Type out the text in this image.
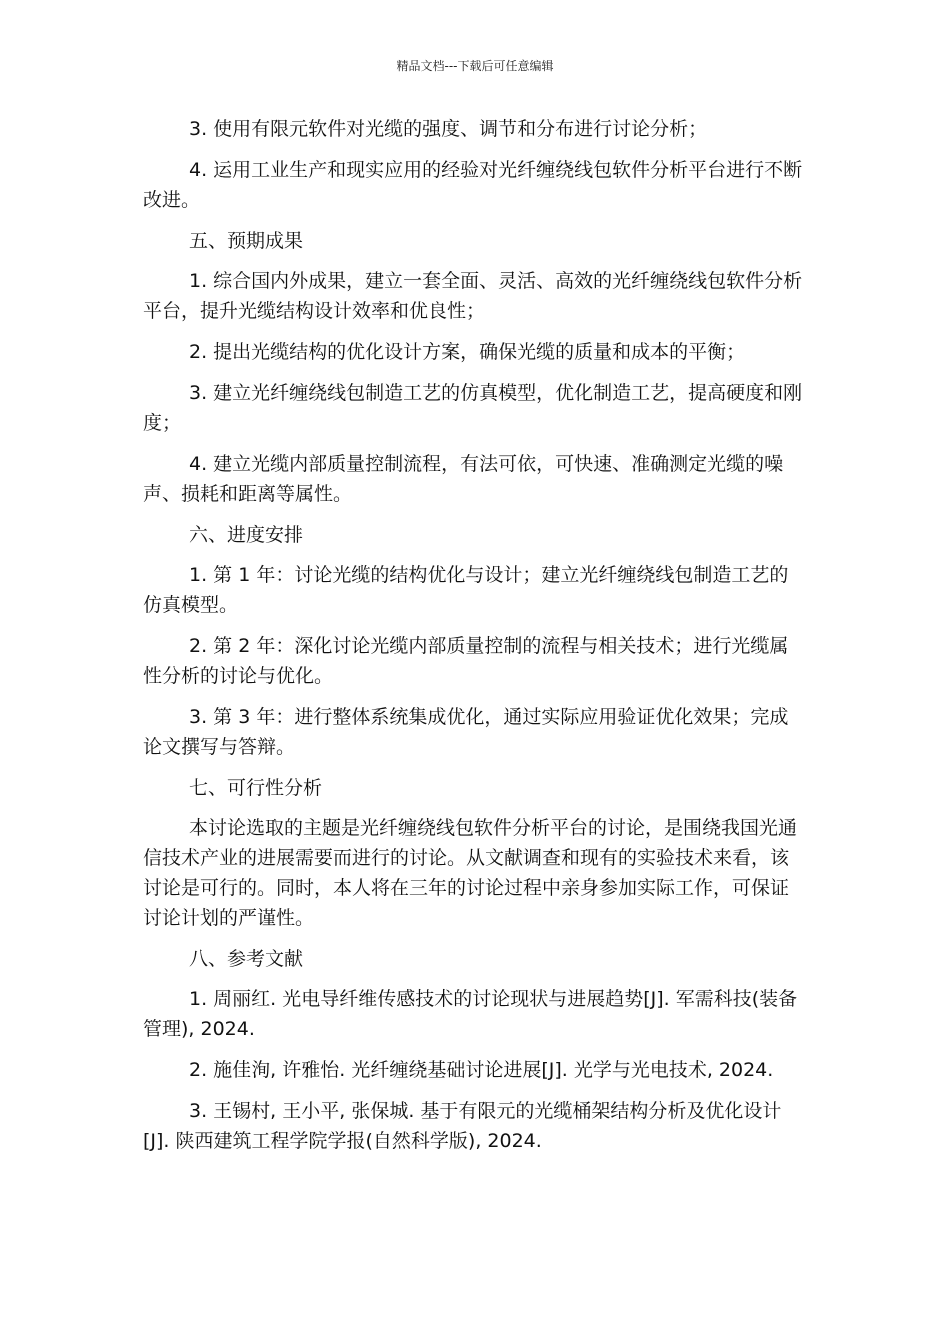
精品文档---下载后可任意编辑

3. 使用有限元软件对光缆的强度、调节和分布进行讨论分析；

4. 运用工业生产和现实应用的经验对光纤缠绕线包软件分析平台进行不断改进。

五、预期成果

1. 综合国内外成果，建立一套全面、灵活、高效的光纤缠绕线包软件分析平台，提升光缆结构设计效率和优良性；

2. 提出光缆结构的优化设计方案，确保光缆的质量和成本的平衡；

3. 建立光纤缠绕线包制造工艺的仿真模型，优化制造工艺，提高硬度和刚度；

4. 建立光缆内部质量控制流程，有法可依，可快速、准确测定光缆的噪声、损耗和距离等属性。

六、进度安排

1. 第 1 年：讨论光缆的结构优化与设计；建立光纤缠绕线包制造工艺的仿真模型。

2. 第 2 年：深化讨论光缆内部质量控制的流程与相关技术；进行光缆属性分析的讨论与优化。

3. 第 3 年：进行整体系统集成优化，通过实际应用验证优化效果；完成论文撰写与答辩。

七、可行性分析

本讨论选取的主题是光纤缠绕线包软件分析平台的讨论，是围绕我国光通信技术产业的进展需要而进行的讨论。从文献调查和现有的实验技术来看，该讨论是可行的。同时，本人将在三年的讨论过程中亲身参加实际工作，可保证讨论计划的严谨性。

八、参考文献

1. 周丽红. 光电导纤维传感技术的讨论现状与进展趋势[J]. 军需科技(装备管理), 2024.

2. 施佳洵, 许雅怡. 光纤缠绕基础讨论进展[J]. 光学与光电技术, 2024.

3. 王锡村, 王小平, 张保城. 基于有限元的光缆桶架结构分析及优化设计[J]. 陕西建筑工程学院学报(自然科学版), 2024.
